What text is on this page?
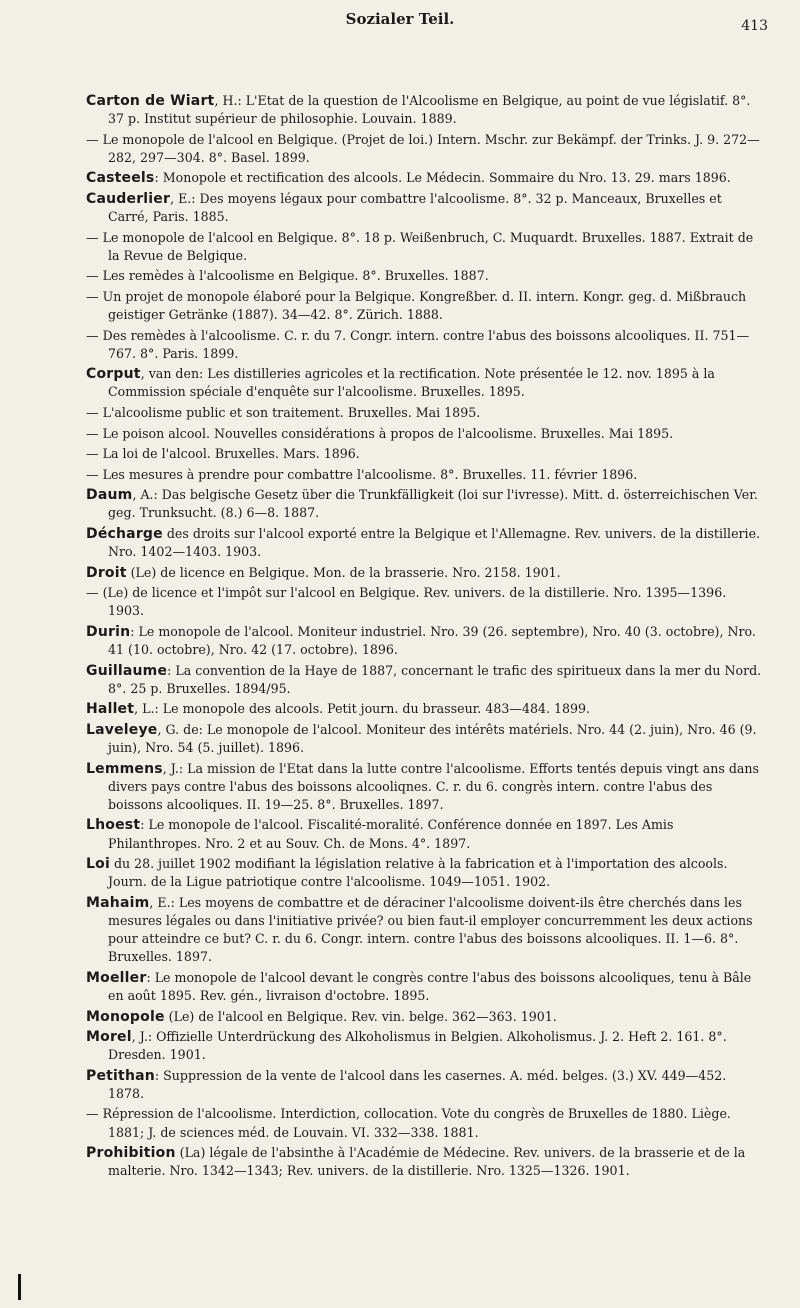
Sozialer Teil.	413

Carton de Wiart, H.: L'Etat de la question de l'Alcoolisme en Belgique, au point de vue législatif. 8°. 37 p. Institut supérieur de philosophie. Louvain. 1889.

— Le monopole de l'alcool en Belgique. (Projet de loi.) Intern. Mschr. zur Bekämpf. der Trinks. J. 9. 272—282, 297—304. 8°. Basel. 1899.

Casteels: Monopole et rectification des alcools. Le Médecin. Sommaire du Nro. 13. 29. mars 1896.

Cauderlier, E.: Des moyens légaux pour combattre l'alcoolisme. 8°. 32 p. Manceaux, Bruxelles et Carré, Paris. 1885.

— Le monopole de l'alcool en Belgique. 8°. 18 p. Weißenbruch, C. Muquardt. Bruxelles. 1887. Extrait de la Revue de Belgique.

— Les remèdes à l'alcoolisme en Belgique. 8°. Bruxelles. 1887.

— Un projet de monopole élaboré pour la Belgique. Kongreßber. d. II. intern. Kongr. geg. d. Mißbrauch geistiger Getränke (1887). 34—42. 8°. Zürich. 1888.

— Des remèdes à l'alcoolisme. C. r. du 7. Congr. intern. contre l'abus des boissons alcooliques. II. 751—767. 8°. Paris. 1899.

Corput, van den: Les distilleries agricoles et la rectification. Note présentée le 12. nov. 1895 à la Commission spéciale d'enquête sur l'alcoolisme. Bruxelles. 1895.

— L'alcoolisme public et son traitement. Bruxelles. Mai 1895.

— Le poison alcool. Nouvelles considérations à propos de l'alcoolisme. Bruxelles. Mai 1895.

— La loi de l'alcool. Bruxelles. Mars. 1896.

— Les mesures à prendre pour combattre l'alcoolisme. 8°. Bruxelles. 11. février 1896.

Daum, A.: Das belgische Gesetz über die Trunkfälligkeit (loi sur l'ivresse). Mitt. d. österreichischen Ver. geg. Trunksucht. (8.) 6—8. 1887.

Décharge des droits sur l'alcool exporté entre la Belgique et l'Allemagne. Rev. univers. de la distillerie. Nro. 1402—1403. 1903.

Droit (Le) de licence en Belgique. Mon. de la brasserie. Nro. 2158. 1901.

— (Le) de licence et l'impôt sur l'alcool en Belgique. Rev. univers. de la distillerie. Nro. 1395—1396. 1903.

Durin: Le monopole de l'alcool. Moniteur industriel. Nro. 39 (26. septembre), Nro. 40 (3. octobre), Nro. 41 (10. octobre), Nro. 42 (17. octobre). 1896.

Guillaume: La convention de la Haye de 1887, concernant le trafic des spiritueux dans la mer du Nord. 8°. 25 p. Bruxelles. 1894/95.

Hallet, L.: Le monopole des alcools. Petit journ. du brasseur. 483—484. 1899.

Laveleye, G. de: Le monopole de l'alcool. Moniteur des intérêts matériels. Nro. 44 (2. juin), Nro. 46 (9. juin), Nro. 54 (5. juillet). 1896.

Lemmens, J.: La mission de l'Etat dans la lutte contre l'alcoolisme. Efforts tentés depuis vingt ans dans divers pays contre l'abus des boissons alcooliqnes. C. r. du 6. congrès intern. contre l'abus des boissons alcooliques. II. 19—25. 8°. Bruxelles. 1897.

Lhoest: Le monopole de l'alcool. Fiscalité-moralité. Conférence donnée en 1897. Les Amis Philanthropes. Nro. 2 et au Souv. Ch. de Mons. 4°. 1897.

Loi du 28. juillet 1902 modifiant la législation relative à la fabrication et à l'importation des alcools. Journ. de la Ligue patriotique contre l'alcoolisme. 1049—1051. 1902.

Mahaim, E.: Les moyens de combattre et de déraciner l'alcoolisme doivent-ils être cherchés dans les mesures légales ou dans l'initiative privée? ou bien faut-il employer concurremment les deux actions pour atteindre ce but? C. r. du 6. Congr. intern. contre l'abus des boissons alcooliques. II. 1—6. 8°. Bruxelles. 1897.

Moeller: Le monopole de l'alcool devant le congrès contre l'abus des boissons alcooliques, tenu à Bâle en août 1895. Rev. gén., livraison d'octobre. 1895.

Monopole (Le) de l'alcool en Belgique. Rev. vin. belge. 362—363. 1901.

Morel, J.: Offizielle Unterdrückung des Alkoholismus in Belgien. Alkoholismus. J. 2. Heft 2. 161. 8°. Dresden. 1901.

Petithan: Suppression de la vente de l'alcool dans les casernes. A. méd. belges. (3.) XV. 449—452. 1878.

— Répression de l'alcoolisme. Interdiction, collocation. Vote du congrès de Bruxelles de 1880. Liège. 1881; J. de sciences méd. de Louvain. VI. 332—338. 1881.

Prohibition (La) légale de l'absinthe à l'Académie de Médecine. Rev. univers. de la brasserie et de la malterie. Nro. 1342—1343; Rev. univers. de la distillerie. Nro. 1325—1326. 1901.
